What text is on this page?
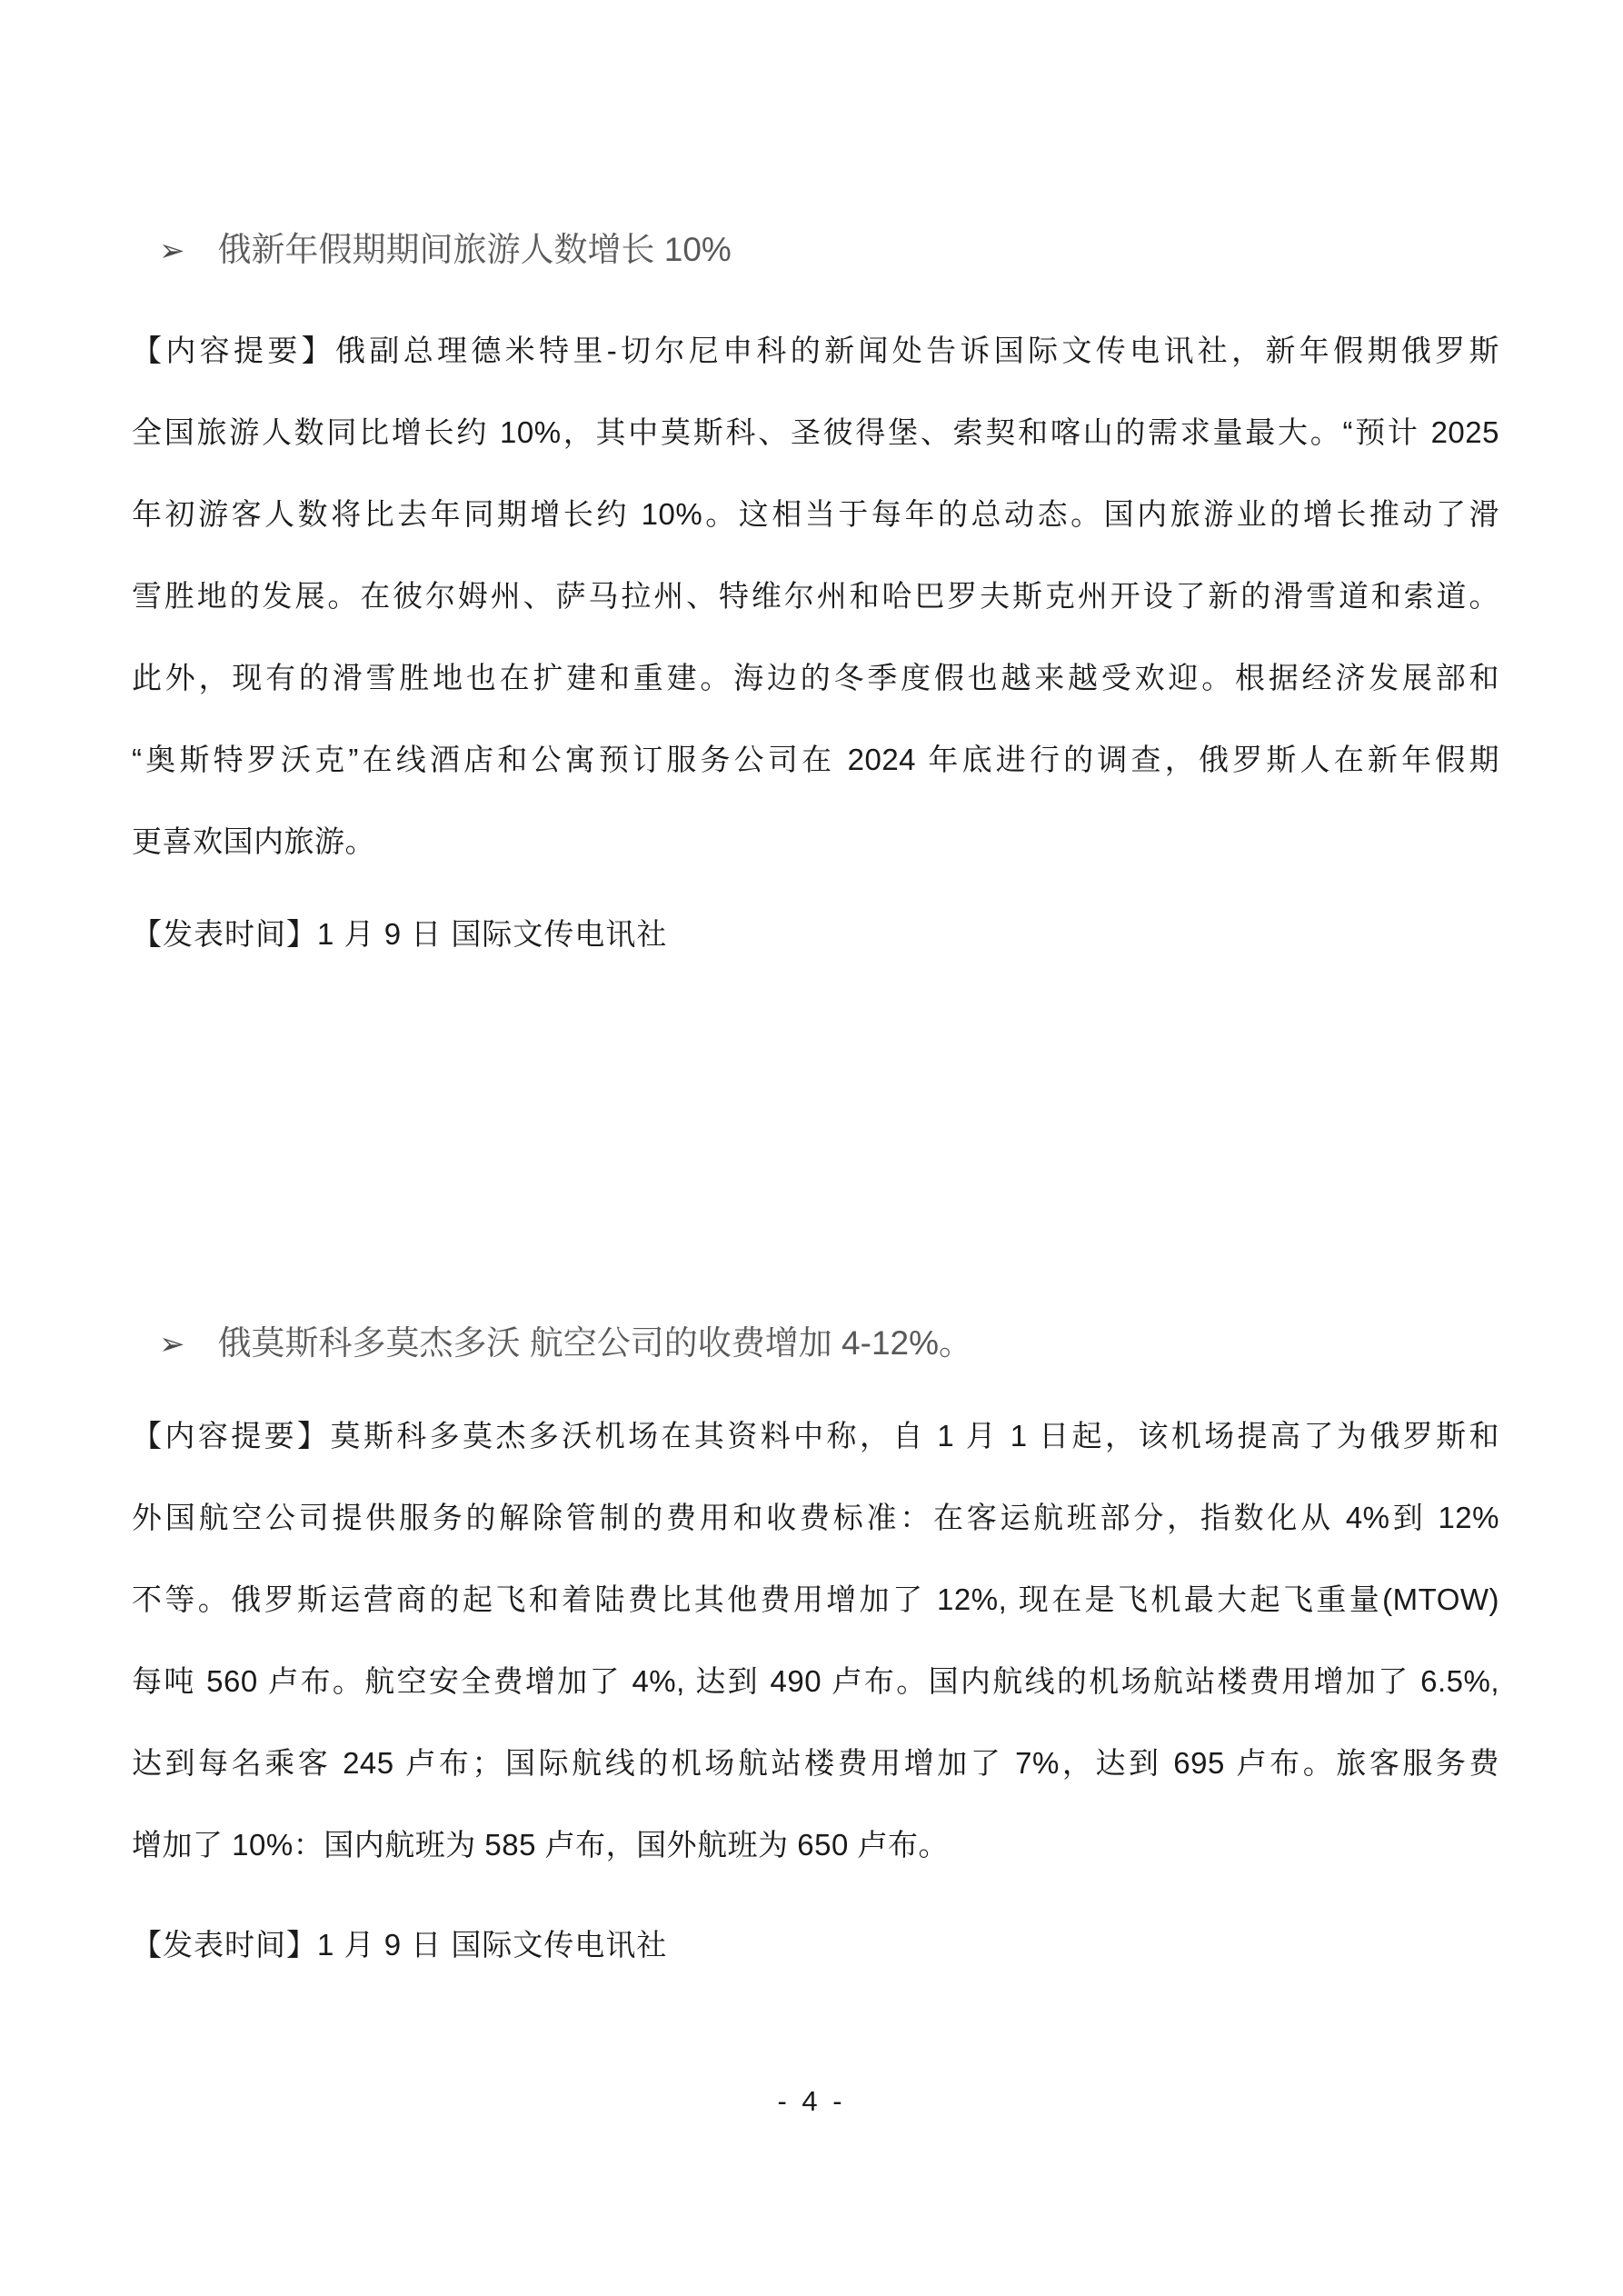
➢ 俄新年假期期间旅游人数增长 10%
【内容提要】俄副总理德米特里-切尔尼申科的新闻处告诉国际文传电讯社，新年假期俄罗斯
全国旅游人数同比增长约 10%，其中莫斯科、圣彼得堡、索契和喀山的需求量最大。“预计 2025
年初游客人数将比去年同期增长约 10%。这相当于每年的总动态。国内旅游业的增长推动了滑
雪胜地的发展。在彼尔姆州、萨马拉州、特维尔州和哈巴罗夫斯克州开设了新的滑雪道和索道。
此外，现有的滑雪胜地也在扩建和重建。海边的冬季度假也越来越受欢迎。根据经济发展部和
“奥斯特罗沃克”在线酒店和公寓预订服务公司在 2024 年底进行的调查，俄罗斯人在新年假期
更喜欢国内旅游。
【发表时间】1 月 9 日 国际文传电讯社
➢ 俄莫斯科多莫杰多沃 航空公司的收费增加 4-12%。
【内容提要】莫斯科多莫杰多沃机场在其资料中称，自 1 月 1 日起，该机场提高了为俄罗斯和
外国航空公司提供服务的解除管制的费用和收费标准：在客运航班部分，指数化从 4%到 12%
不等。俄罗斯运营商的起飞和着陆费比其他费用增加了 12%, 现在是飞机最大起飞重量(MTOW)
每吨 560 卢布。航空安全费增加了 4%, 达到 490 卢布。国内航线的机场航站楼费用增加了 6.5%,
达到每名乘客 245 卢布；国际航线的机场航站楼费用增加了 7%，达到 695 卢布。旅客服务费
增加了 10%：国内航班为 585 卢布，国外航班为 650 卢布。
【发表时间】1 月 9 日 国际文传电讯社
- 4 -
